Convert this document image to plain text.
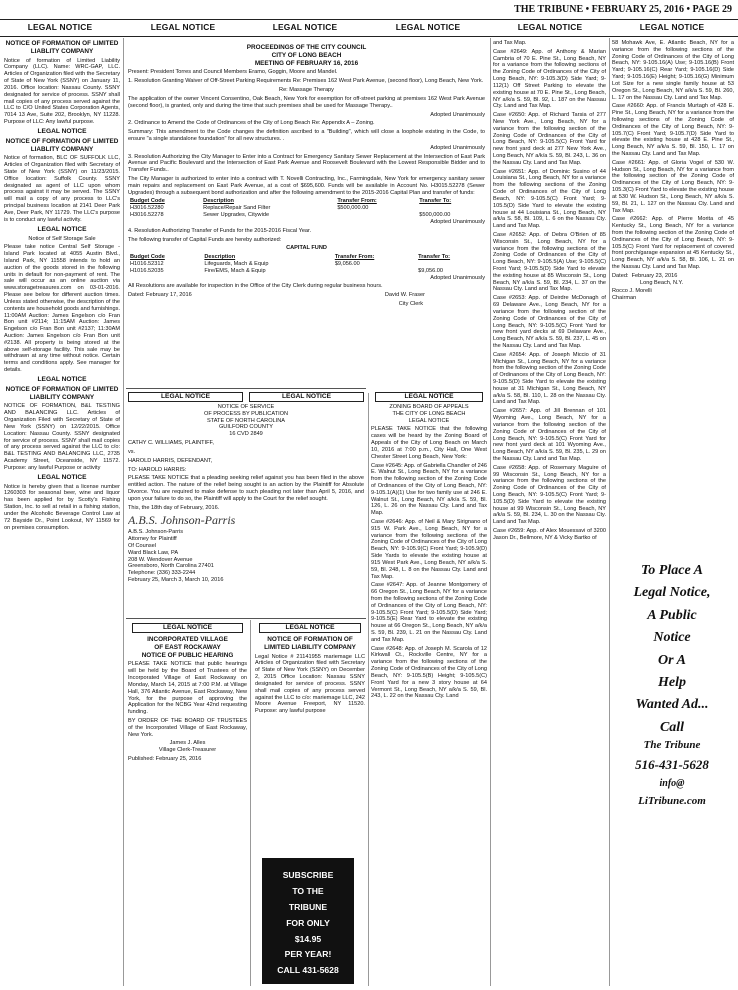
THE TRIBUNE • FEBRUARY 25, 2016 • PAGE 29
LEGAL NOTICE	LEGAL NOTICE	LEGAL NOTICE	LEGAL NOTICE	LEGAL NOTICE	LEGAL NOTICE
NOTICE OF FORMATION OF LIMITED LIABLITY COMPANY

Notice of formation of Limited Liability Company (LLC). Name: WRC-GAP, LLC. Articles of Organization filed with the Secretary of State of New York (SSNY) on January 11, 2016. Office location: Nassau County. SSNY designated for service of process. SSNY shall mail copies of any process served against the LLC to C/O United States Corporation Agents, 7014 13 Ave, Suite 202, Brooklyn, NY 11228. Purpose of LLC: Any lawful purpose.

LEGAL NOTICE
NOTICE OF FORMATION OF LIMITED LIABLITY COMPANY

Notice of formation, BLC OF SUFFOLK LLC, Articles of Organization filed with Secretary of State of New York (SSNY) on 11/23/2015. Office location: Suffolk County. SSNY designated as agent of LLC upon whom process against it may be served. The SSNY will mail a copy of any process to LLC's principal business location at 2141 Deer Park Ave, Deer Park, NY 11729. The LLC's purpose is to conduct any lawful activity.

LEGAL NOTICE

Notice of Self Storage Sale

Please take notice Central Self Storage - Island Park located at 4055 Austin Blvd., Island Park, NY 11558 intends to hold an auction of the goods stored in the following units in default for non-payment of rent. The sale will occur as an online auction via www.storagetreasures.com on 03-01-2016. Please see below for different auction times. Unless stated otherwise, the description of the contents are household goods and furnishings. 11:00AM Auction: James Engelson c/o Fran Bon unit #2114; 11:15AM Auction: James Engelson c/o Fran Bon unit #2137; 11:30AM Auction: James Engelson c/o Fran Bon unit #2138. All property is being stored at the above self-storage facility. This sale may be withdrawn at any time without notice. Certain terms and conditions apply. See manager for details.

LEGAL NOTICE
NOTICE OF FORMATION OF LIMITED LIABILITY COMPANY

NOTICE OF FORMATION, B&L TESTING AND BALANCING LLC. Articles of Organization Filed with Secretary of State of New York (SSNY) on 12/22/2015. Office Location: Nassau County. SSNY designated for service of process. SSNY shall mail copies of any process served against the LLC to c/o: B&L TESTING AND BALANCING LLC, 2735 Academy Street, Oceanside, NY 11572. Purpose: any lawful Purpose or activity

LEGAL NOTICE

Notice is hereby given that a license number 1260303 for seasonal beer, wine and liquor has been applied for by Scotty's Fishing Station, Inc. to sell at retail in a fishing station, under the Alcoholic Beverage Control Law at 72 Bayside Dr., Point Lookout, NY 11569 for on premises consumption.

PROCEEDINGS OF THE CITY COUNCIL
CITY OF LONG BEACH
MEETING OF FEBRUARY 16, 2016

Present: President Torres and Council Members Eramo, Goggin, Moore and Mandel.

1. Resolution Granting Waiver of Off-Street Parking Requirements Re: Premises 162 West Park Avenue, (second floor), Long Beach, New York.

Re: Massage Therapy

The application of the owner Vincent Consentino, Oak Beach, New York for exemption for off-street parking at premises 162 West Park Avenue (second floor), is granted, only and during the time that such premises shall be used for Massage Therapy..

Adopted Unanimously

2. Ordinance to Amend the Code of Ordinances of the City of Long Beach Re: Appendix A – Zoning.

Summary: This amendment to the Code changes the definition ascribed to a "Building", which will close a loophole existing in the Code, to ensure "a single standalone foundation" for all new structures. .

Adopted Unanimously

3. Resolution Authorizing the City Manager to Enter into a Contract for Emergency Sanitary Sewer Replacement at the Intersection of East Park Avenue and Pacific Boulevard and the Intersection of East Park Avenue and Roosevelt Boulevard with the Lowest Responsible Bidder and to Transfer Funds..

The City Manager is authorized to enter into a contract with T. Novelli Contracting, Inc., Farmingdale, New York for emergency sanitary sewer main repairs and replacement on East Park Avenue, at a cost of $695,600. Funds will be available in Account No. H3015.52278 (Sewer Upgrades) through a subsequent bond authorization and after the following amendment to the 2015-2016 Capital Plan and transfer of funds:

Budget Code	Description	Transfer From:	Transfer To:
H3016.52280	Replace/Repair Sand Filter	$500,000.00	
H3016.52278	Sewer Upgrades, Citywide		$500,000.00

Adopted Unanimously

4. Resolution Authorizing Transfer of Funds for the 2015-2016 Fiscal Year.

The following transfer of Capital Funds are hereby authorized:

CAPITAL FUND

Budget Code	Description	Transfer From:	Transfer To:
H1016.52312	Lifeguards, Mach & Equip	$9,056.00	
H1016.52035	Fire/EMS, Mach & Equip		$9,056.00

Adopted Unanimously

All Resolutions are available for inspection in the Office of the City Clerk during regular business hours.

Dated: February 17, 2016	David W. Fraser

City Clerk

LEGAL NOTICE	LEGAL NOTICE

NOTICE OF SERVICE

OF PROCESS BY PUBLICATION

STATE OF NORTH CAROLINA

GUILFORD COUNTY

16 CVD 2849

CATHY C. WILLIAMS, PLAINTIFF,

vs.

HAROLD HARRIS, DEFENDANT,

TO: HAROLD HARRIS:

PLEASE TAKE NOTICE that a pleading seeking relief against you has been filed in the above entitled action. The nature of the relief being sought is an action by the Plaintiff for Absolute Divorce. You are required to make defense to such pleading not later than April 5, 2016, and upon your failure to do so, the Plaintiff will apply to the Court for the relief sought.

This, the 18th day of February, 2016.

A.B.S. Johnson-Parris

A.B.S. Johnson-Parris

Attorney for Plaintiff

Of Counsel

Ward Black Law, PA

208 W. Wendover Avenue

Greensboro, North Carolina 27401

Telephone: (336) 333-2244

February 25, March 3, March 10, 2016

LEGAL NOTICE
INCORPORATED VILLAGE
OF EAST ROCKAWAY
NOTICE OF PUBLIC HEARING

PLEASE TAKE NOTICE that public hearings will be held by the Board of Trustees of the Incorporated Village of East Rockaway on Monday, March 14, 2015 at 7:00 P.M. at Village Hall, 376 Atlantic Avenue, East Rockaway, New York, for the purpose of approving the Application for the NCBG Year 42nd requesting funding.

BY ORDER OF THE BOARD OF TRUSTEES of the Incorporated Village of East Rockaway, New York.

James J. Alles

Village Clerk-Treasurer

Published: February 25, 2016

LEGAL NOTICE
NOTICE OF FORMATION OF LIMITED LIABILITY COMPANY

Legal Notice # 21141955 mariemage LLC Articles of Organization filed with Secretary of State of New York (SSNY) on December 2, 2015 Office Location: Nassau SSNY designated for service of process. SSNY shall mail copies of any process served against the LLC to c/o: mariemage LLC, 242 Moore Avenue Freeport, NY 11520. Purpose: any lawful purpose

SUBSCRIBE
TO THE
TRIBUNE
FOR ONLY
$14.95
PER YEAR!
CALL 431-5628
LEGAL NOTICE

ZONING BOARD OF APPEALS

THE CITY OF LONG BEACH

LEGAL NOTICE

PLEASE TAKE NOTICE that the following cases will be heard by the Zoning Board of Appeals of the City of Long Beach on March 10, 2016 at 7:00 p.m., City Hall, One West Chester Street Long Beach, New York:

Case #2645: App. of Gabriella Chandler of 246 E. Walnut St., Long Beach, NY for a variance from the following section of the Zoning Code of Ordinances of the City of Long Beach, NY: 9-105.1(A)(1) Use for two family use at 246 E. Walnut St., Long Beach, NY a/k/a S. 59, Bl. 126, L. 26 on the Nassau Cty. Land and Tax Map.

Case #2646: App. of Neil & Mary Sirignano of 915 W. Park Ave., Long Beach, NY for a variance from the following sections of the Zoning Code of Ordinances of the City of Long Beach, NY: 9-105.9(C) Front Yard; 9-105.9(D) Side Yards to elevate the existing house at 915 West Park Ave., Long Beach, NY a/k/a S. 59, Bl. 248, L. 8 on the Nassau Cty. Land and Tax Map.

Case #2647: App. of Jeanne Montgomery of 66 Oregon St., Long Beach, NY for a variance from the following sections of the Zoning Code of Ordinances of the City of Long Beach, NY: 9-105.5(C) Front Yard; 9-105.5(D) Side Yard; 9-105.5(E) Rear Yard to elevate the existing house at 66 Oregon St., Long Beach, NY a/k/a S. 59, Bl. 239, L. 21 on the Nassau Cty. Land and Tax Map.

Case #2648: App. of Joseph M. Scarola of 12 Kirkwall Ct., Rockville Centre, NY for a variance from the following sections of the Zoning Code of Ordinances of the City of Long Beach, NY: 9-105.5(B) Height; 9-105.5(C) Front Yard for a new 3 story house at 64 Vermont St., Long Beach, NY a/k/a S. 59, Bl. 243, L. 22 on the Nassau Cty. Land

and Tax Map.

Case #2649: App. of Anthony & Marian Cambria of 70 E. Pine St., Long Beach, NY for a variance from the following sections of the Zoning Code of Ordinances of the City of Long Beach, NY: 9-105.3(D) Side Yard; 9-112(1) Off Street Parking to elevate the existing house at 70 E. Pine St., Long Beach, NY a/k/a S. 59, Bl. 92, L. 187 on the Nassau Cty. Land and Tax Map.

Case #2650: App. of Richard Tarsia of 277 New York Ave., Long Beach, NY for a variance from the following section of the Zoning Code of Ordinances of the City of Long Beach, NY: 9-105.5(C) Front Yard for new front yard deck at 277 New York Ave., Long Beach, NY a/k/a S. 59, Bl. 243, L. 36 on the Nassau Cty. Land and Tax Map.

Case #2651: App. of Dominic Susino of 44 Louisiana St., Long Beach, NY for a variance from the following sections of the Zoning Code of Ordinances of the City of Long Beach, NY: 9-105.5(C) Front Yard; 9-105.5(D) Side Yard to elevate the existing house at 44 Louisiana St., Long Beach, NY a/k/a S. 58, Bl. 109, L. 6 on the Nassau Cty. Land and Tax Map.

Case #2652: App. of Debra O'Brien of 85 Wisconsin St., Long Beach, NY for a variance from the following sections of the Zoning Code of Ordinances of the City of Long Beach, NY: 9-105.5(A) Use; 9-105.5(C) Front Yard; 9-105.5(D) Side Yard to elevate the existing house at 85 Wisconsin St., Long Beach, NY a/k/a S. 59, Bl. 234, L. 37 on the Nassau Cty. Land and Tax Map.

Case #2653: App. of Deirdre McDonagh of 69 Delaware Ave., Long Beach, NY for a variance from the following section of the Zoning Code of Ordinances of the City of Long Beach, NY: 9-105.5(C) Front Yard for new front yard decks at 69 Delaware Ave., Long Beach, NY a/k/a S. 59, Bl. 237, L. 45 on the Nassau Cty. Land and Tax Map.

Case #2654: App. of Joseph Miccio of 31 Michigan St., Long Beach, NY for a variance from the following section of the Zoning Code of Ordinances of the City of Long Beach, NY: 9-105.5(D) Side Yard to elevate the existing house at 31 Michigan St., Long Beach, NY a/k/a S. 58, Bl. 110, L. 28 on the Nassau Cty. Land and Tax Map.

Case #2657: App. of Jill Brennan of 101 Wyoming Ave., Long Beach, NY for a variance from the following section of the Zoning Code of Ordinances of the City of Long Beach, NY: 9-105.5(C) Front Yard for new front yard deck at 101 Wyoming Ave., Long Beach, NY a/k/a S. 59, Bl. 235, L. 29 on the Nassau Cty. Land and Tax Map.

Case #2658: App. of Rosemary Maguire of 99 Wisconsin St., Long Beach, NY for a variance from the following sections of the Zoning Code of Ordinances of the City of Long Beach, NY: 9-105.5(C) Front Yard; 9-105.5(D) Side Yard to elevate the existing house at 99 Wisconsin St., Long Beach, NY a/k/a S. 59, Bl. 234, L. 30 on the Nassau Cty. Land and Tax Map.

Case #2659: App. of Alex Mouessavi of 3200 Jason Dr., Bellmore, NY & Vicky Bartko of

58 Mohawk Ave, E. Atlantic Beach, NY for a variance from the following sections of the Zoning Code of Ordinances of the City of Long Beach, NY: 9-105.16(A) Use; 9-105.16(B) Front Yard; 9-105.16(C) Rear Yard; 9-105.16(D) Side Yard; 9-105.16(E) Height; 9-105.16(G) Minimum Lot Size for a new single family house at 53 Oregon St., Long Beach, NY a/k/a S. 59, Bl. 260, L. 17 on the Nassau Cty. Land and Tax Map.

Case #2660: App. of Francis Murtagh of 428 E. Pine St., Long Beach, NY for a variance from the following sections of the Zoning Code of Ordinances of the City of Long Beach, NY: 9-105.7(C) Front Yard; 9-105.7(D) Side Yard to elevate the existing house at 428 E. Pine St., Long Beach, NY a/k/a S. 59, Bl. 150, L. 17 on the Nassau Cty. Land and Tax Map.

Case #2661: App. of Gloria Vogel of 530 W. Hudson St., Long Beach, NY for a variance from the following section of the Zoning Code of Ordinances of the City of Long Beach, NY: 9-105.3(C) Front Yard to elevate the existing house at 530 W. Hudson St., Long Beach, NY a/k/a S. 59, Bl. 21, L. 127 on the Nassau Cty. Land and Tax Map.

Case #2662: App. of Pierre Morita of 45 Kentucky St., Long Beach, NY for a variance from the following section of the Zoning Code of Ordinances of the City of Long Beach, NY: 9-105.5(C) Front Yard for replacement of covered front porch/garage expansion at 45 Kentucky St., Long Beach, NY a/k/a S. 58, Bl. 106, L. 21 on the Nassau Cty. Land and Tax Map.

Dated: February 23, 2016

Long Beach, N.Y.

Rocco J. Morelli

Chairman

To Place A
Legal Notice,
A Public
Notice
Or A
Help
Wanted Ad...
Call
The Tribune
516-431-5628
info@
LiTribune.com
